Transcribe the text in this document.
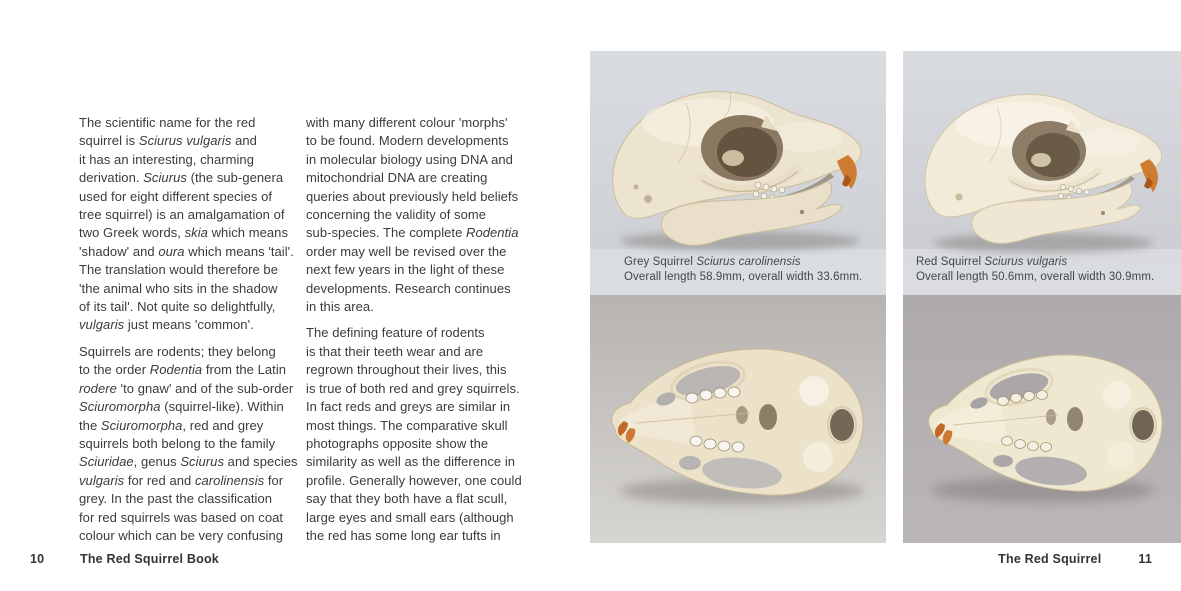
The scientific name for the red
squirrel is Sciurus vulgaris and
it has an interesting, charming
derivation. Sciurus (the sub-genera
used for eight different species of
tree squirrel) is an amalgamation of
two Greek words, skia which means
'shadow' and oura which means 'tail'.
The translation would therefore be
'the animal who sits in the shadow
of its tail'. Not quite so delightfully,
vulgaris just means 'common'.

Squirrels are rodents; they belong
to the order Rodentia from the Latin
rodere 'to gnaw' and of the sub-order
Sciuromorpha (squirrel-like). Within
the Sciuromorpha, red and grey
squirrels both belong to the family
Sciuridae, genus Sciurus and species
vulgaris for red and carolinensis for
grey. In the past the classification
for red squirrels was based on coat
colour which can be very confusing

with many different colour 'morphs'
to be found. Modern developments
in molecular biology using DNA and
mitochondrial DNA are creating
queries about previously held beliefs
concerning the validity of some
sub-species. The complete Rodentia
order may well be revised over the
next few years in the light of these
developments. Research continues
in this area.

The defining feature of rodents
is that their teeth wear and are
regrown throughout their lives, this
is true of both red and grey squirrels.
In fact reds and greys are similar in
most things. The comparative skull
photographs opposite show the
similarity as well as the difference in
profile. Generally however, one could
say that they both have a flat scull,
large eyes and small ears (although
the red has some long ear tufts in

Grey Squirrel Sciurus carolinensis
Overall length 58.9mm, overall width 33.6mm.
Red Squirrel Sciurus vulgaris
Overall length 50.6mm, overall width 30.9mm.
10	The Red Squirrel Book	The Red Squirrel	11
